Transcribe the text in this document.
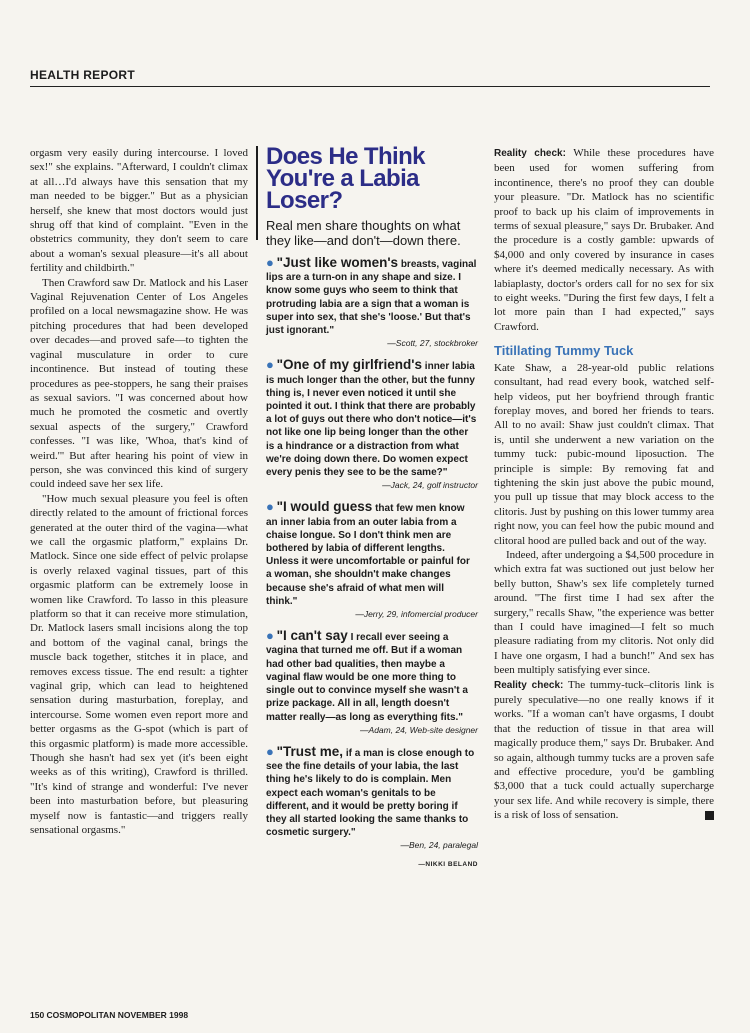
HEALTH REPORT

orgasm very easily during intercourse. I loved sex!" she explains. "Afterward, I couldn't climax at all…I'd always have this sensation that my man needed to be bigger." But as a physician herself, she knew that most doctors would just shrug off that kind of complaint. "Even in the obstetrics community, they don't seem to care about a woman's sexual pleasure—it's all about fertility and childbirth."

Then Crawford saw Dr. Matlock and his Laser Vaginal Rejuvenation Center of Los Angeles profiled on a local newsmagazine show. He was pitching procedures that had been developed over decades—and proved safe—to tighten the vaginal musculature in order to cure incontinence. But instead of touting these procedures as pee-stoppers, he sang their praises as sexual saviors. "I was concerned about how much he promoted the cosmetic and overtly sexual aspects of the surgery," Crawford confesses. "I was like, 'Whoa, that's kind of weird.'" But after hearing his point of view in person, she was convinced this kind of surgery could indeed save her sex life.

"How much sexual pleasure you feel is often directly related to the amount of frictional forces generated at the outer third of the vagina—what we call the orgasmic platform," explains Dr. Matlock. Since one side effect of pelvic prolapse is overly relaxed vaginal tissues, part of this orgasmic platform can be extremely loose in women like Crawford. To lasso in this pleasure platform so that it can receive more stimulation, Dr. Matlock lasers small incisions along the top and bottom of the vaginal canal, brings the muscle back together, stitches it in place, and removes excess tissue. The end result: a tighter vaginal grip, which can lead to heightened sensation during masturbation, foreplay, and intercourse. Some women even report more and better orgasms as the G-spot (which is part of this orgasmic platform) is made more accessible. Though she hasn't had sex yet (it's been eight weeks as of this writing), Crawford is thrilled. "It's kind of strange and wonderful: I've never been into masturbation before, but pleasuring myself now is fantastic—and triggers really sensational orgasms."

Does He Think You're a Labia Loser?

Real men share thoughts on what they like—and don't—down there.

● "Just like women's breasts, vaginal lips are a turn-on in any shape and size. I know some guys who seem to think that protruding labia are a sign that a woman is super into sex, that she's 'loose.' But that's just ignorant."
—Scott, 27, stockbroker

● "One of my girlfriend's inner labia is much longer than the other, but the funny thing is, I never even noticed it until she pointed it out. I think that there are probably a lot of guys out there who don't notice—it's not like one lip being longer than the other is a hindrance or a distraction from what we're doing down there. Do women expect every penis they see to be the same?"
—Jack, 24, golf instructor

● "I would guess that few men know an inner labia from an outer labia from a chaise longue. So I don't think men are bothered by labia of different lengths. Unless it were uncomfortable or painful for a woman, she shouldn't make changes because she's afraid of what men will think."
—Jerry, 29, infomercial producer

● "I can't say I recall ever seeing a vagina that turned me off. But if a woman had other bad qualities, then maybe a vaginal flaw would be one more thing to single out to convince myself she wasn't a prize package. All in all, length doesn't matter really—as long as everything fits."
—Adam, 24, Web-site designer

● "Trust me, if a man is close enough to see the fine details of your labia, the last thing he's likely to do is complain. Men expect each woman's genitals to be different, and it would be pretty boring if they all started looking the same thanks to cosmetic surgery."
—Ben, 24, paralegal

—NIKKI BELAND

Reality check: While these procedures have been used for women suffering from incontinence, there's no proof they can double your pleasure. "Dr. Matlock has no scientific proof to back up his claim of improvements in terms of sexual pleasure," says Dr. Brubaker. And the procedure is a costly gamble: upwards of $4,000 and only covered by insurance in cases where it's deemed medically necessary. As with labiaplasty, doctor's orders call for no sex for six to eight weeks. "During the first few days, I felt a lot more pain than I had expected," says Crawford.

Titillating Tummy Tuck

Kate Shaw, a 28-year-old public relations consultant, had read every book, watched self-help videos, put her boyfriend through frantic foreplay moves, and bored her friends to tears. All to no avail: Shaw just couldn't climax. That is, until she underwent a new variation on the tummy tuck: pubic-mound liposuction. The principle is simple: By removing fat and tightening the skin just above the pubic mound, you pull up tissue that may block access to the clitoris. Just by pushing on this lower tummy area right now, you can feel how the pubic mound and clitoral hood are pulled back and out of the way.

Indeed, after undergoing a $4,500 procedure in which extra fat was suctioned out just below her belly button, Shaw's sex life completely turned around. "The first time I had sex after the surgery," recalls Shaw, "the experience was better than I could have imagined—I felt so much pleasure radiating from my clitoris. Not only did I have one orgasm, I had a bunch!" And sex has been multiply satisfying ever since.

Reality check: The tummy-tuck–clitoris link is purely speculative—no one really knows if it works. "If a woman can't have orgasms, I doubt that the reduction of tissue in that area will magically produce them," says Dr. Brubaker. And so again, although tummy tucks are a proven safe and effective procedure, you'd be gambling $3,000 that a tuck could actually supercharge your sex life. And while recovery is simple, there is a risk of loss of sensation.

150 COSMOPOLITAN NOVEMBER 1998
